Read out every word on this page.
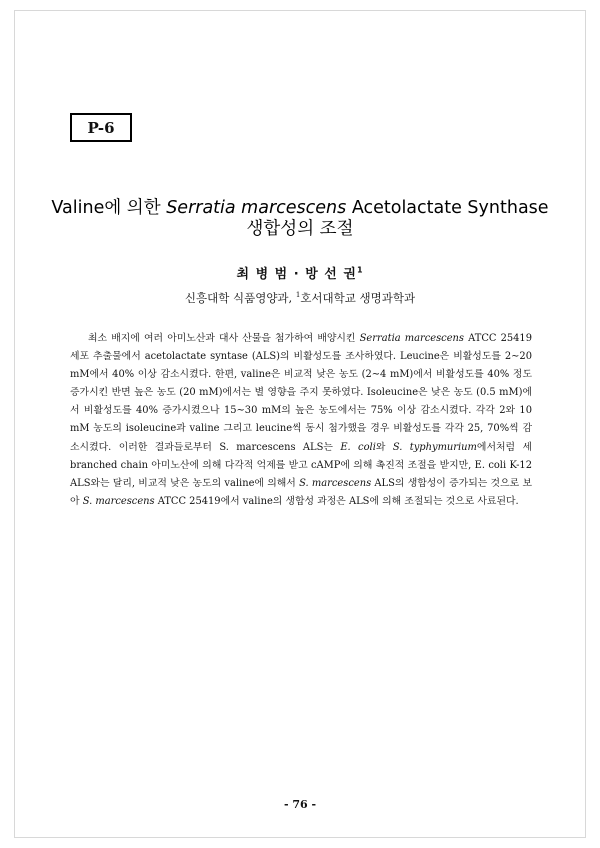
P-6
Valine에 의한 Serratia marcescens Acetolactate Synthase
생합성의 조절
최 병 범 · 방 선 권$^1$
신흥대학 식품영양과, $^1$호서대학교 생명과학과

최소 배지에 여러 아미노산과 대사 산물을 첨가하여 배양시킨 Serratia marcescens ATCC 25419 세포 추출물에서 acetolactate syntase (ALS)의 비활성도를 조사하였다. Leucine은 비활성도를 2∼20 mM에서 40% 이상 감소시켰다. 한편, valine은 비교적 낮은 농도 (2∼4 mM)에서 비활성도를 40% 정도 증가시킨 반면 높은 농도 (20 mM)에서는 별 영향을 주지 못하였다. Isoleucine은 낮은 농도 (0.5 mM)에서 비활성도를 40% 증가시켰으나 15∼30 mM의 높은 농도에서는 75% 이상 감소시켰다. 각각 2와 10 mM 농도의 isoleucine과 valine 그리고 leucine씩 동시 첨가했을 경우 비활성도를 각각 25, 70%씩 감소시켰다. 이러한 결과들로부터 S. marcescens ALS는 E. coli와 S. typhymurium에서처럼 세 branched chain 아미노산에 의해 다각적 억제를 받고 cAMP에 의해 촉진적 조절을 받지만, E. coli K-12 ALS와는 달리, 비교적 낮은 농도의 valine에 의해서 S. marcescens ALS의 생합성이 증가되는 것으로 보아 S. marcescens ATCC 25419에서 valine의 생합성 과정은 ALS에 의해 조절되는 것으로 사료된다.

- 76 -
